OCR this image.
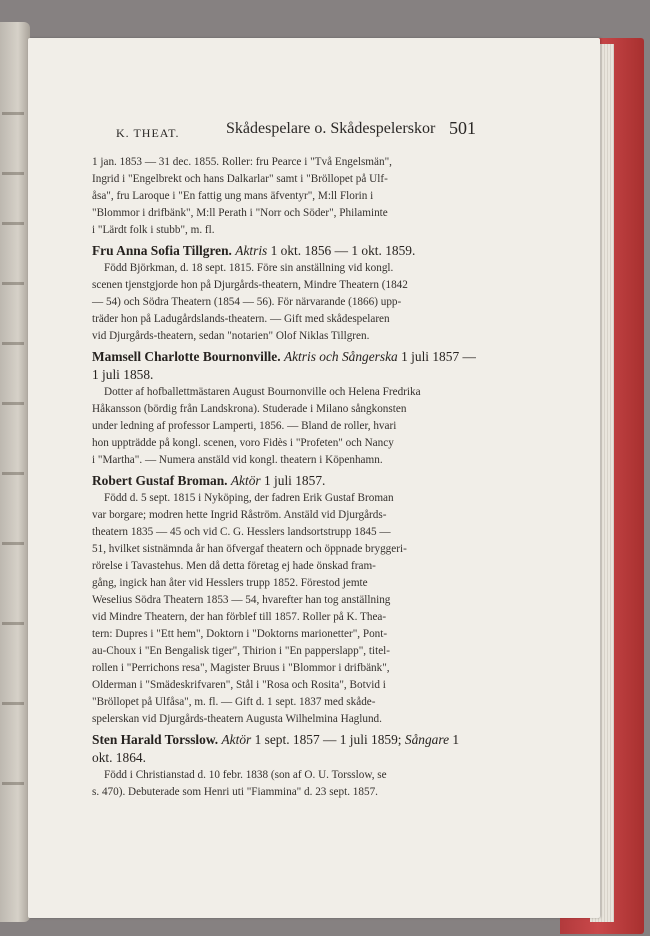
K. THEAT.	Skådespelare o. Skådespelerskor 501

1 jan. 1853 — 31 dec. 1855. Roller: fru Pearce i "Två Engelsmän",

Ingrid i "Engelbrekt och hans Dalkarlar" samt i "Bröllopet på Ulf-

åsa", fru Laroque i "En fattig ung mans äfventyr", M:ll Florin i

"Blommor i drifbänk", M:ll Perath i "Norr och Söder", Philaminte

i "Lärdt folk i stubb", m. fl.

Fru Anna Sofia Tillgren. Aktris 1 okt. 1856 — 1 okt. 1859.

Född Björkman, d. 18 sept. 1815. Före sin anställning vid kongl.

scenen tjenstgjorde hon på Djurgårds-theatern, Mindre Theatern (1842

— 54) och Södra Theatern (1854 — 56). För närvarande (1866) upp-

träder hon på Ladugårdslands-theatern. — Gift med skådespelaren

vid Djurgårds-theatern, sedan "notarien" Olof Niklas Tillgren.

Mamsell Charlotte Bournonville. Aktris och Sångerska 1 juli 1857 — 1 juli 1858.

Dotter af hofballettmästaren August Bournonville och Helena Fredrika

Håkansson (bördig från Landskrona). Studerade i Milano sångkonsten

under ledning af professor Lamperti, 1856. — Bland de roller, hvari

hon uppträdde på kongl. scenen, voro Fidès i "Profeten" och Nancy

i "Martha". — Numera anstäld vid kongl. theatern i Köpenhamn.

Robert Gustaf Broman. Aktör 1 juli 1857.

Född d. 5 sept. 1815 i Nyköping, der fadren Erik Gustaf Broman

var borgare; modren hette Ingrid Råström. Anstäld vid Djurgårds-

theatern 1835 — 45 och vid C. G. Hesslers landsortstrupp 1845 —

51, hvilket sistnämnda år han öfvergaf theatern och öppnade bryggeri-

rörelse i Tavastehus. Men då detta företag ej hade önskad fram-

gång, ingick han åter vid Hesslers trupp 1852. Förestod jemte

Weselius Södra Theatern 1853 — 54, hvarefter han tog anställning

vid Mindre Theatern, der han förblef till 1857. Roller på K. Thea-

tern: Dupres i "Ett hem", Doktorn i "Doktorns marionetter", Pont-

au-Choux i "En Bengalisk tiger", Thirion i "En papperslapp", titel-

rollen i "Perrichons resa", Magister Bruus i "Blommor i drifbänk",

Olderman i "Smädeskrifvaren", Stål i "Rosa och Rosita", Botvid i

"Bröllopet på Ulfåsa", m. fl. — Gift d. 1 sept. 1837 med skåde-

spelerskan vid Djurgårds-theatern Augusta Wilhelmina Haglund.

Sten Harald Torsslow. Aktör 1 sept. 1857 — 1 juli 1859; Sångare 1 okt. 1864.

Född i Christianstad d. 10 febr. 1838 (son af O. U. Torsslow, se

s. 470). Debuterade som Henri uti "Fiammina" d. 23 sept. 1857.
